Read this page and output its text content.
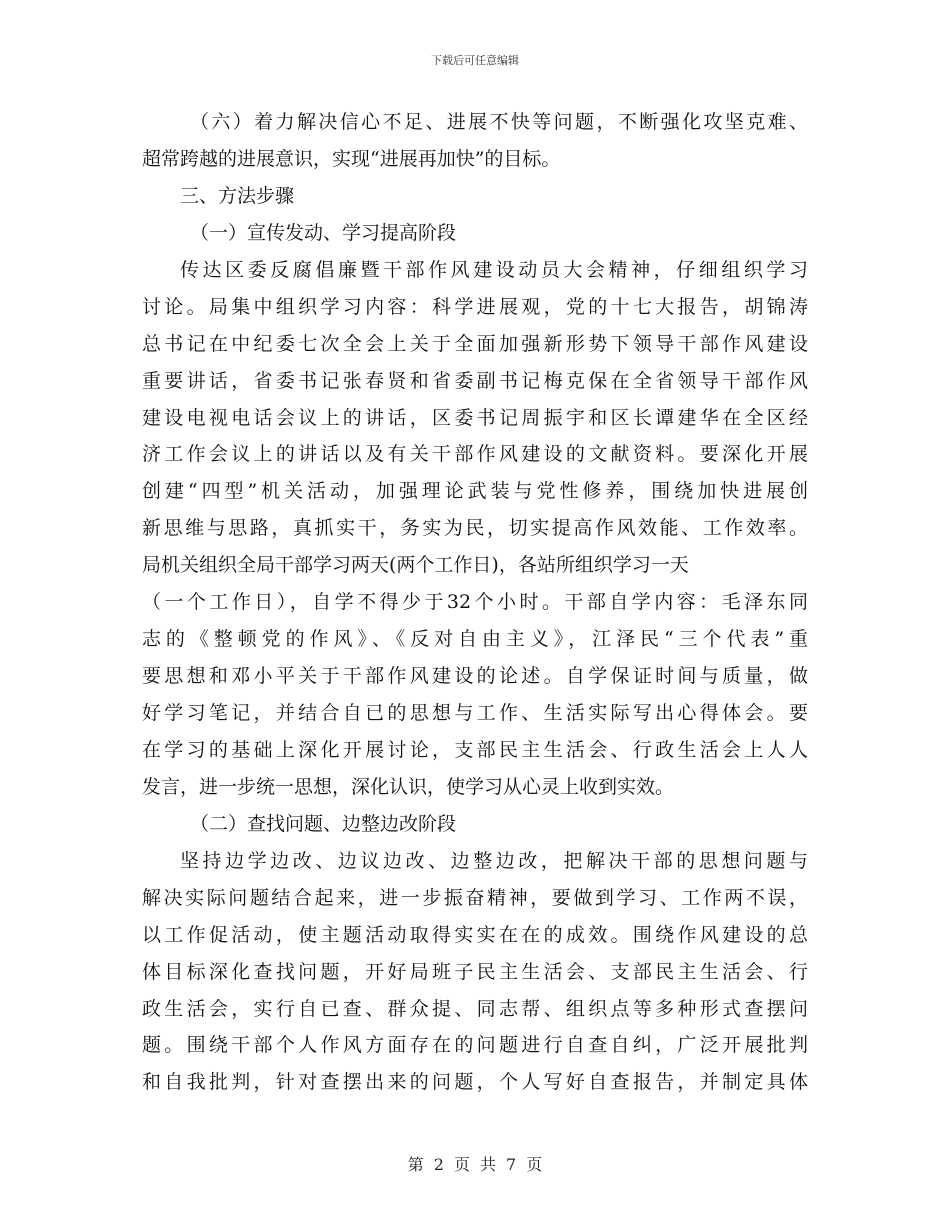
下载后可任意编辑
（六）着力解决信心不足、进展不快等问题，不断强化攻坚克难、
超常跨越的进展意识，实现“进展再加快”的目标。
三、方法步骤
（一）宣传发动、学习提高阶段
传达区委反腐倡廉暨干部作风建设动员大会精神，仔细组织学习
讨论。局集中组织学习内容：科学进展观，党的十七大报告，胡锦涛
总书记在中纪委七次全会上关于全面加强新形势下领导干部作风建设
重要讲话，省委书记张春贤和省委副书记梅克保在全省领导干部作风
建设电视电话会议上的讲话，区委书记周振宇和区长谭建华在全区经
济工作会议上的讲话以及有关干部作风建设的文献资料。要深化开展
创建“四型”机关活动，加强理论武装与党性修养，围绕加快进展创
新思维与思路，真抓实干，务实为民，切实提高作风效能、工作效率。
局机关组织全局干部学习两天(两个工作日)，各站所组织学习一天
（一个工作日），自学不得少于32个小时。干部自学内容：毛泽东同
志的《整顿党的作风》、《反对自由主义》，江泽民“三个代表”重
要思想和邓小平关于干部作风建设的论述。自学保证时间与质量，做
好学习笔记，并结合自已的思想与工作、生活实际写出心得体会。要
在学习的基础上深化开展讨论，支部民主生活会、行政生活会上人人
发言，进一步统一思想，深化认识，使学习从心灵上收到实效。
（二）查找问题、边整边改阶段
坚持边学边改、边议边改、边整边改，把解决干部的思想问题与
解决实际问题结合起来，进一步振奋精神，要做到学习、工作两不误，
以工作促活动，使主题活动取得实实在在的成效。围绕作风建设的总
体目标深化查找问题，开好局班子民主生活会、支部民主生活会、行
政生活会，实行自已查、群众提、同志帮、组织点等多种形式查摆问
题。围绕干部个人作风方面存在的问题进行自查自纠，广泛开展批判
和自我批判，针对查摆出来的问题，个人写好自查报告，并制定具体
第 2 页 共 7 页
